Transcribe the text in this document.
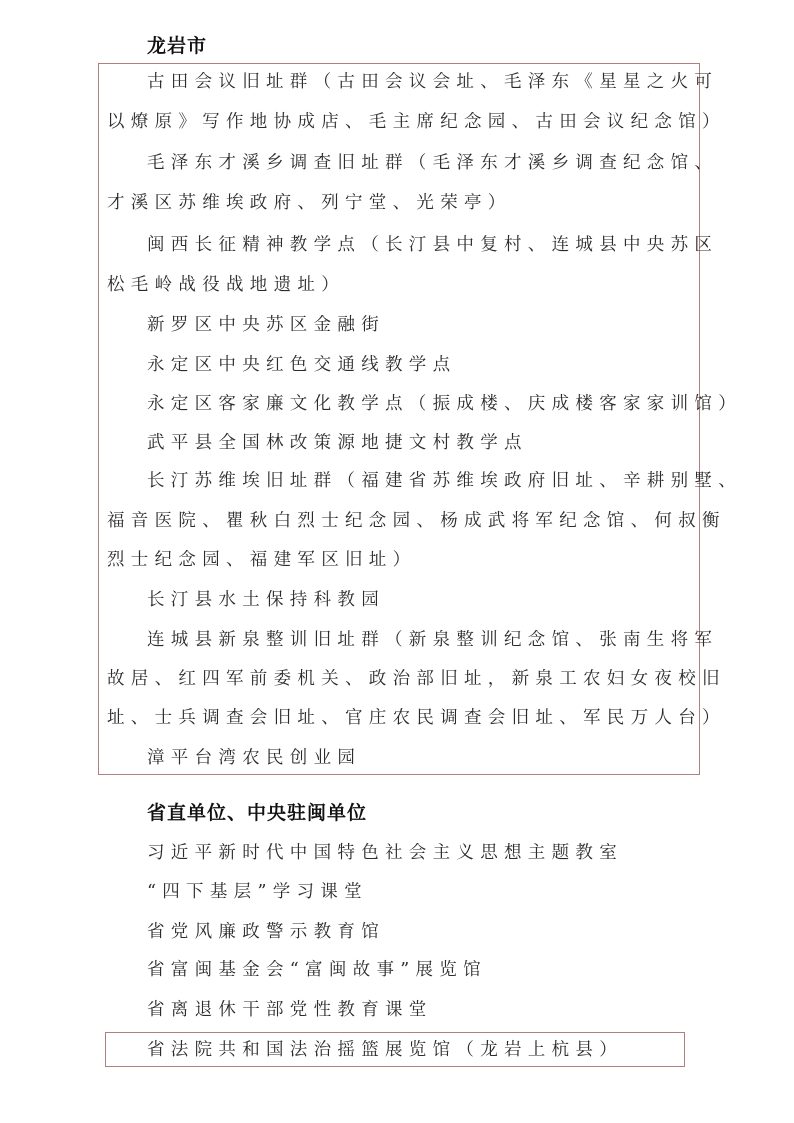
龙岩市
古田会议旧址群（古田会议会址、毛泽东《星星之火可
以燎原》写作地协成店、毛主席纪念园、古田会议纪念馆）
毛泽东才溪乡调查旧址群（毛泽东才溪乡调查纪念馆、
才溪区苏维埃政府、列宁堂、光荣亭）
闽西长征精神教学点（长汀县中复村、连城县中央苏区
松毛岭战役战地遗址）
新罗区中央苏区金融街
永定区中央红色交通线教学点
永定区客家廉文化教学点（振成楼、庆成楼客家家训馆）
武平县全国林改策源地捷文村教学点
长汀苏维埃旧址群（福建省苏维埃政府旧址、辛耕别墅、
福音医院、瞿秋白烈士纪念园、杨成武将军纪念馆、何叔衡
烈士纪念园、福建军区旧址）
长汀县水土保持科教园
连城县新泉整训旧址群（新泉整训纪念馆、张南生将军
故居、红四军前委机关、政治部旧址，新泉工农妇女夜校旧
址、士兵调查会旧址、官庄农民调查会旧址、军民万人台）
漳平台湾农民创业园
省直单位、中央驻闽单位
习近平新时代中国特色社会主义思想主题教室
“四下基层”学习课堂
省党风廉政警示教育馆
省富闽基金会“富闽故事”展览馆
省离退休干部党性教育课堂
省法院共和国法治摇篮展览馆（龙岩上杭县）
